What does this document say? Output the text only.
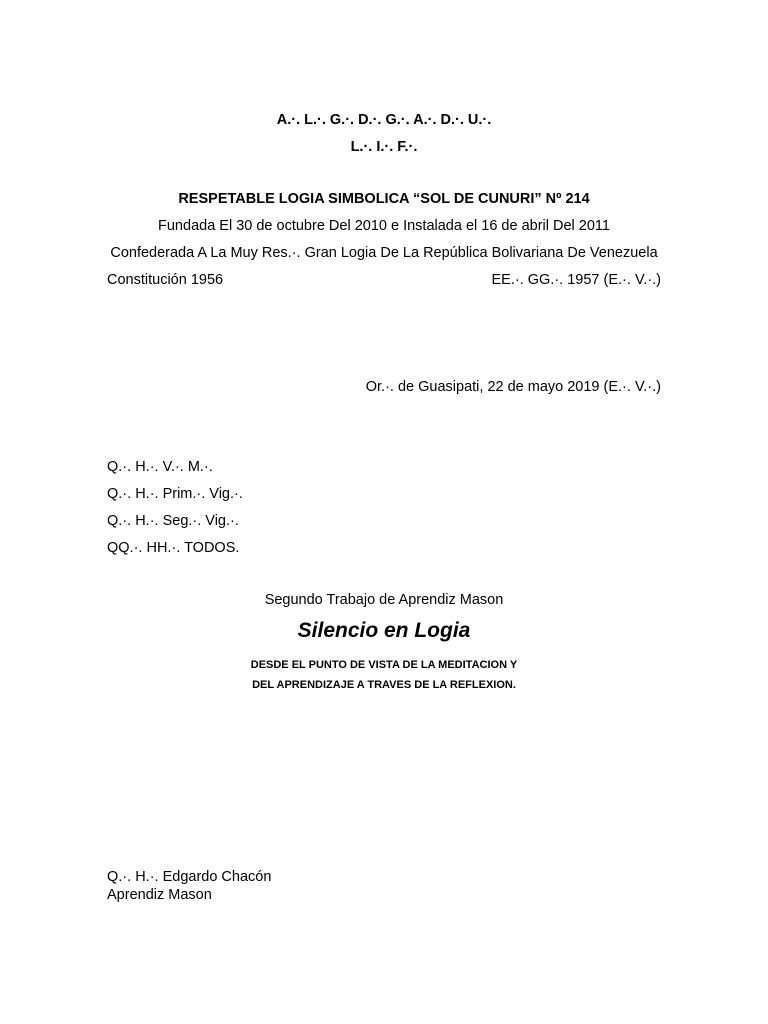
A.·. L.·. G.·. D.·. G.·. A.·. D.·. U.·.
L.·. I.·. F.·.
RESPETABLE LOGIA SIMBOLICA “SOL DE CUNURI” Nº 214
Fundada El 30 de octubre Del 2010 e Instalada el 16 de abril Del 2011
Confederada A La Muy Res.·. Gran Logia De La República Bolivariana De Venezuela
Constitución 1956	EE.·. GG.·. 1957 (E.·. V.·.)
Or.·. de Guasipati, 22 de mayo 2019 (E.·. V.·.)
Q.·. H.·. V.·. M.·.
Q.·. H.·. Prim.·. Vig.·.
Q.·. H.·. Seg.·. Vig.·.
QQ.·. HH.·. TODOS.
Segundo Trabajo de Aprendiz Mason
Silencio en Logia
DESDE EL PUNTO DE VISTA DE LA MEDITACION Y
DEL APRENDIZAJE A TRAVES DE LA REFLEXION.
Q.·. H.·. Edgardo Chacón
Aprendiz Mason
